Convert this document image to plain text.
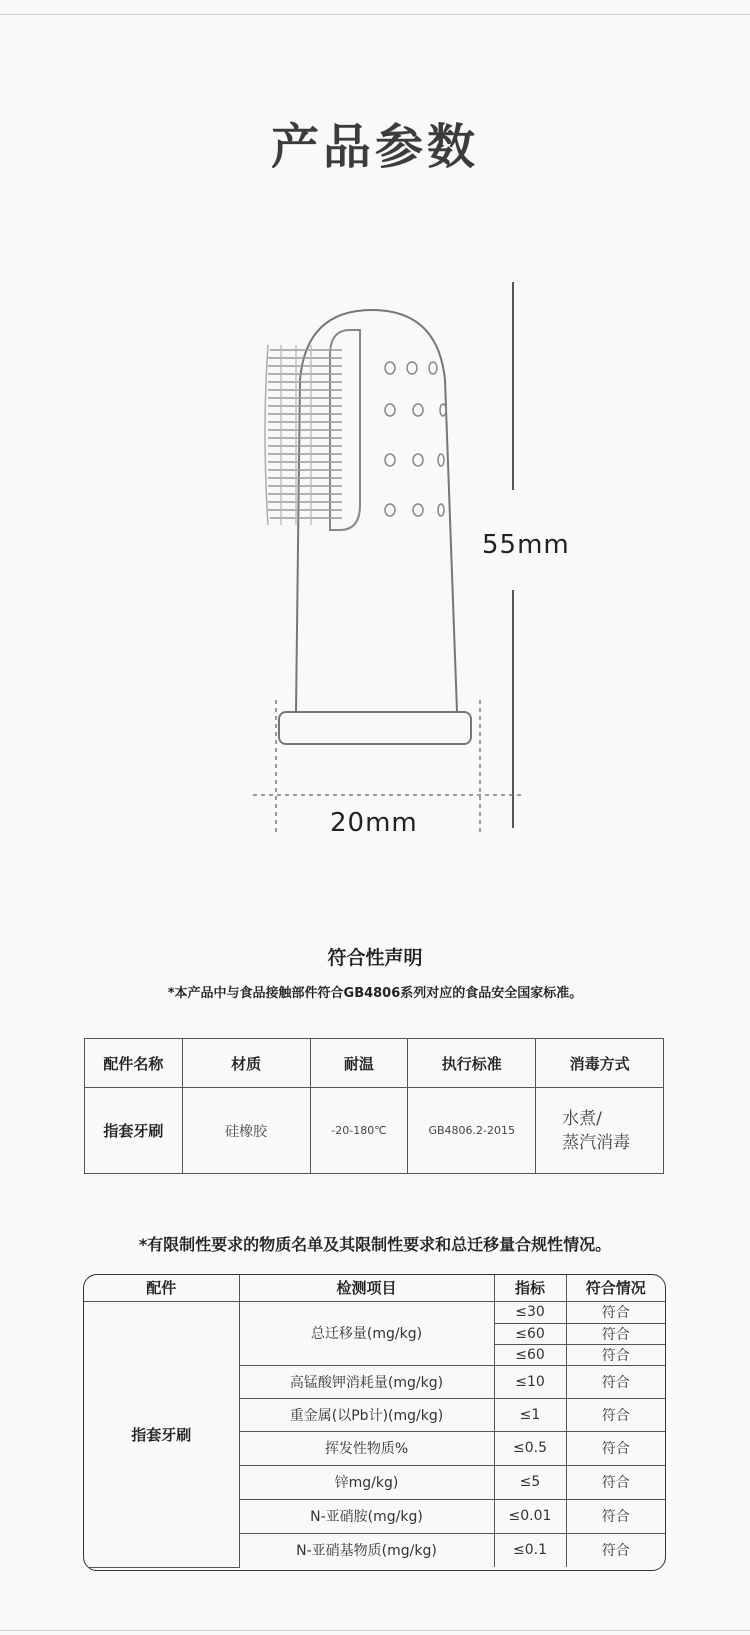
产品参数
55mm
20mm
符合性声明
*本产品中与食品接触部件符合GB4806系列对应的食品安全国家标准。
配件名称	材质	耐温	执行标准	消毒方式
指套牙刷	硅橡胶	-20-180℃	GB4806.2-2015	水煮/
蒸汽消毒
*有限制性要求的物质名单及其限制性要求和总迁移量合规性情况。
配件	检测项目	指标	符合情况
指套牙刷	总迁移量(mg/kg)	≤30	符合
		≤60	符合
		≤60	符合
	高锰酸钾消耗量(mg/kg)	≤10	符合
	重金属(以Pb计)(mg/kg)	≤1	符合
	挥发性物质%	≤0.5	符合
	锌mg/kg)	≤5	符合
	N-亚硝胺(mg/kg)	≤0.01	符合
	N-亚硝基物质(mg/kg)	≤0.1	符合
